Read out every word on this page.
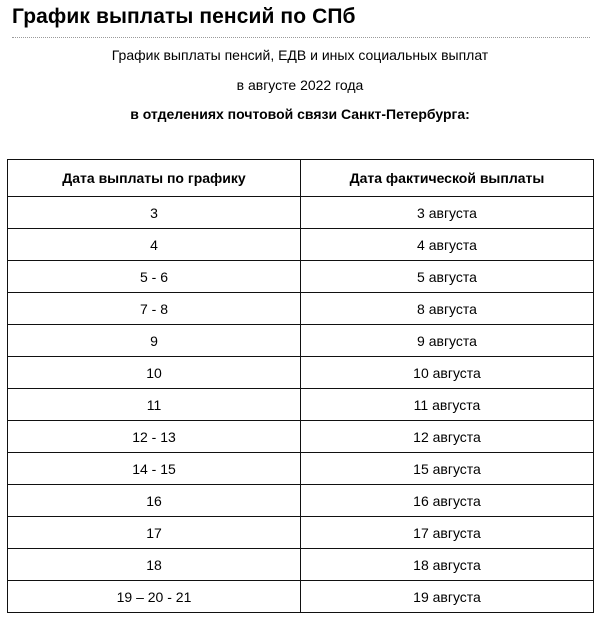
График выплаты пенсий по СПб
График выплаты пенсий, ЕДВ и иных социальных выплат
в августе 2022 года
в отделениях почтовой связи Санкт-Петербурга:
Дата выплаты по графику	Дата фактической выплаты
3	3 августа
4	4 августа
5 - 6	5 августа
7 - 8	8 августа
9	9 августа
10	10 августа
11	11 августа
12 - 13	12 августа
14 - 15	15 августа
16	16 августа
17	17 августа
18	18 августа
19 – 20 - 21	19 августа
